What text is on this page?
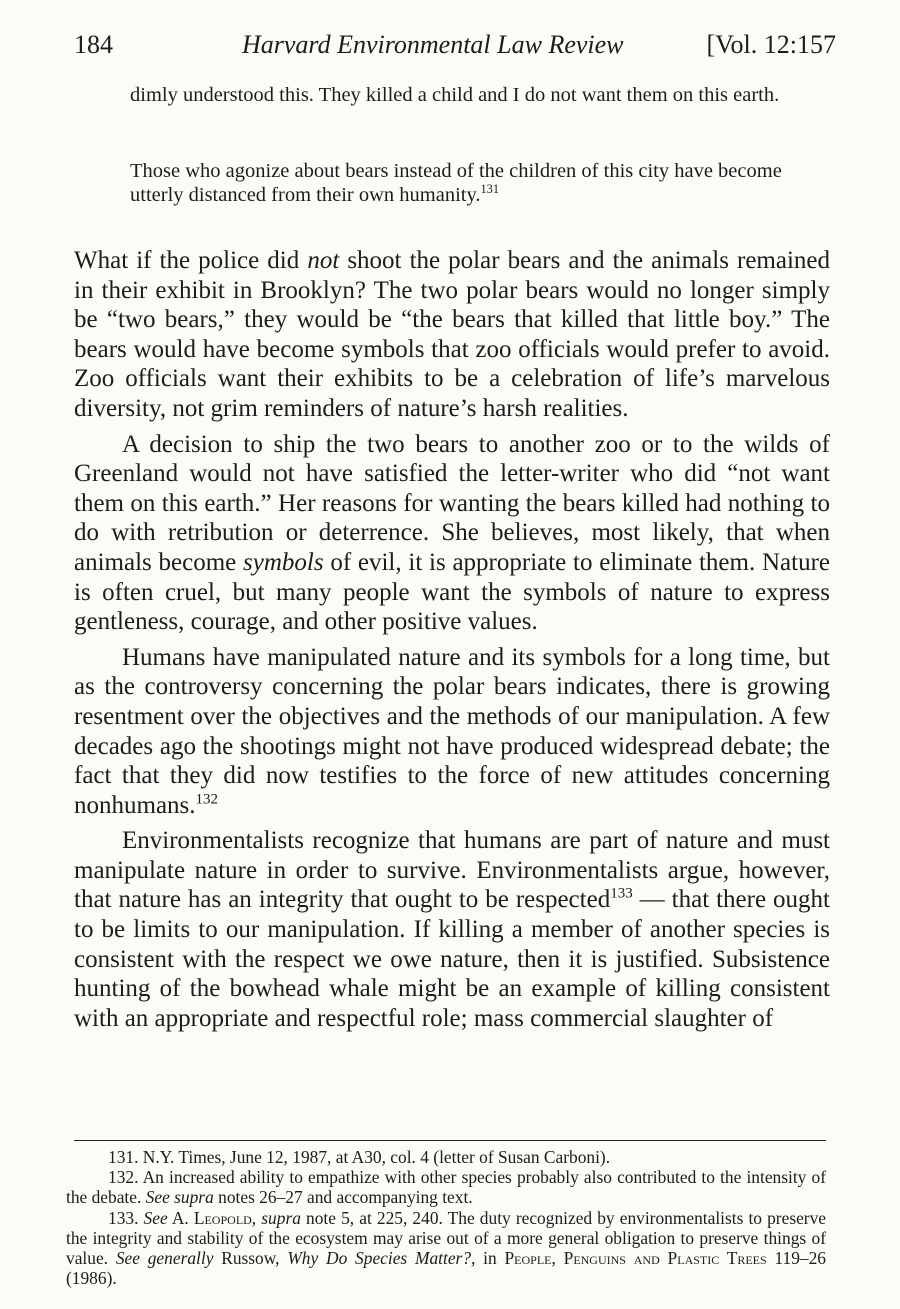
184	Harvard Environmental Law Review	[Vol. 12:157

dimly understood this. They killed a child and I do not want them on this earth.

Those who agonize about bears instead of the children of this city have become utterly distanced from their own humanity.$^{131}$

What if the police did not shoot the polar bears and the animals remained in their exhibit in Brooklyn? The two polar bears would no longer simply be “two bears,” they would be “the bears that killed that little boy.” The bears would have become symbols that zoo officials would prefer to avoid. Zoo officials want their exhibits to be a celebration of life’s marvelous diversity, not grim reminders of nature’s harsh realities.

A decision to ship the two bears to another zoo or to the wilds of Greenland would not have satisfied the letter-writer who did “not want them on this earth.” Her reasons for wanting the bears killed had nothing to do with retribution or deterrence. She believes, most likely, that when animals become symbols of evil, it is appropriate to eliminate them. Nature is often cruel, but many people want the symbols of nature to express gentleness, courage, and other positive values.

Humans have manipulated nature and its symbols for a long time, but as the controversy concerning the polar bears indicates, there is growing resentment over the objectives and the methods of our manipulation. A few decades ago the shootings might not have produced widespread debate; the fact that they did now testifies to the force of new attitudes concerning nonhumans.$^{132}$

Environmentalists recognize that humans are part of nature and must manipulate nature in order to survive. Environmentalists argue, however, that nature has an integrity that ought to be respected$^{133}$ — that there ought to be limits to our manipulation. If killing a member of another species is consistent with the respect we owe nature, then it is justified. Subsistence hunting of the bowhead whale might be an example of killing consistent with an appropriate and respectful role; mass commercial slaughter of

131. N.Y. Times, June 12, 1987, at A30, col. 4 (letter of Susan Carboni).

132. An increased ability to empathize with other species probably also contributed to the intensity of the debate. See supra notes 26–27 and accompanying text.

133. See A. Leopold, supra note 5, at 225, 240. The duty recognized by environmentalists to preserve the integrity and stability of the ecosystem may arise out of a more general obligation to preserve things of value. See generally Russow, Why Do Species Matter?, in People, Penguins and Plastic Trees 119–26 (1986).
